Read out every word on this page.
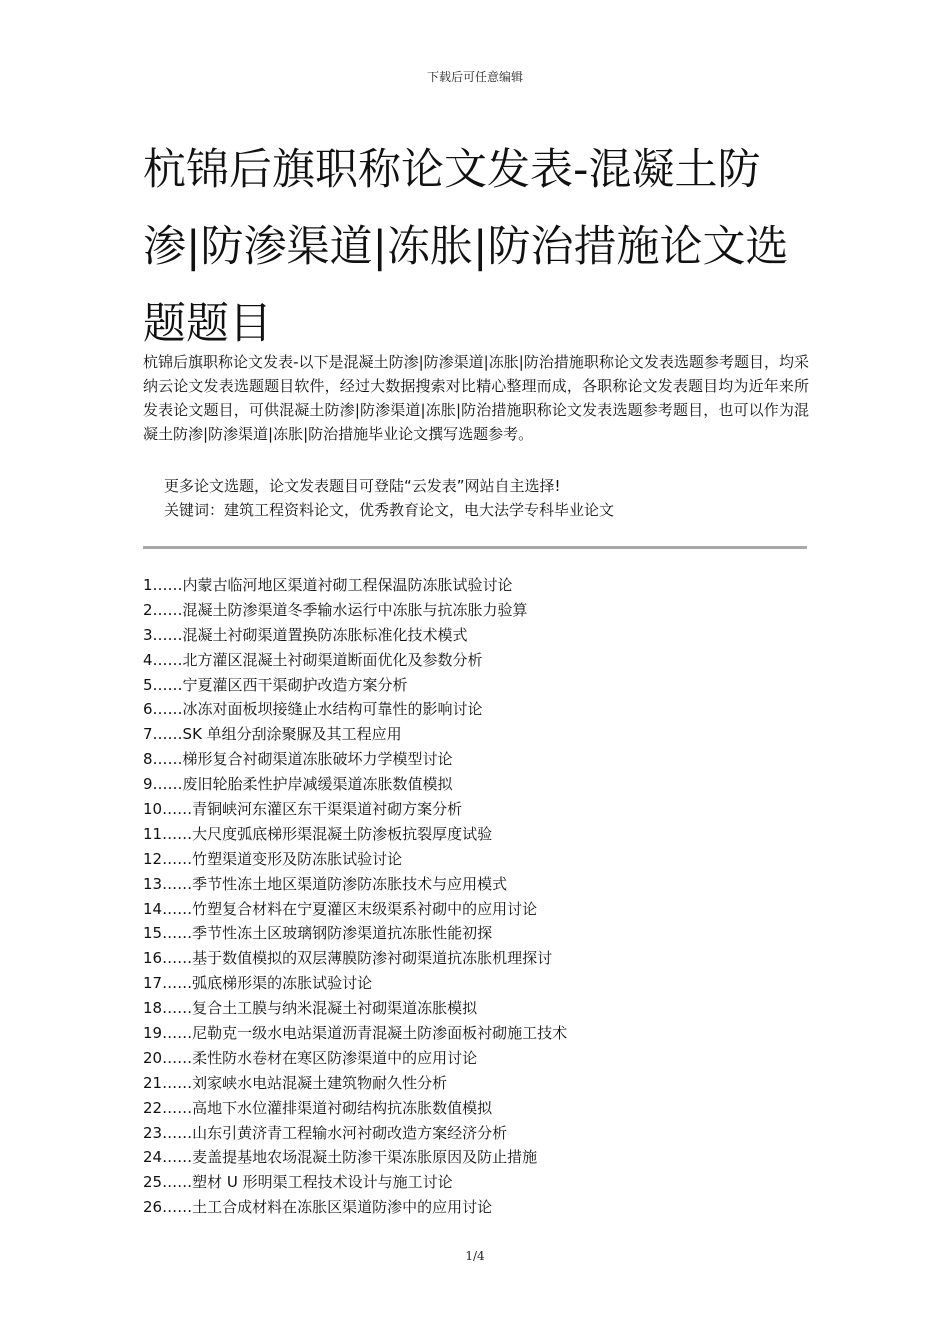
下载后可任意编辑
杭锦后旗职称论文发表-混凝土防渗|防渗渠道|冻胀|防治措施论文选题题目

杭锦后旗职称论文发表-以下是混凝土防渗|防渗渠道|冻胀|防治措施职称论文发表选题参考题目，均采纳云论文发表选题题目软件，经过大数据搜索对比精心整理而成，各职称论文发表题目均为近年来所发表论文题目，可供混凝土防渗|防渗渠道|冻胀|防治措施职称论文发表选题参考题目，也可以作为混凝土防渗|防渗渠道|冻胀|防治措施毕业论文撰写选题参考。

更多论文选题，论文发表题目可登陆“云发表”网站自主选择!
关键词：建筑工程资料论文，优秀教育论文，电大法学专科毕业论文
1……内蒙古临河地区渠道衬砌工程保温防冻胀试验讨论
2……混凝土防渗渠道冬季输水运行中冻胀与抗冻胀力验算
3……混凝土衬砌渠道置换防冻胀标准化技术模式
4……北方灌区混凝土衬砌渠道断面优化及参数分析
5……宁夏灌区西干渠砌护改造方案分析
6……冰冻对面板坝接缝止水结构可靠性的影响讨论
7……SK 单组分刮涂聚脲及其工程应用
8……梯形复合衬砌渠道冻胀破坏力学模型讨论
9……废旧轮胎柔性护岸减缓渠道冻胀数值模拟
10……青铜峡河东灌区东干渠渠道衬砌方案分析
11……大尺度弧底梯形渠混凝土防渗板抗裂厚度试验
12……竹塑渠道变形及防冻胀试验讨论
13……季节性冻土地区渠道防渗防冻胀技术与应用模式
14……竹塑复合材料在宁夏灌区末级渠系衬砌中的应用讨论
15……季节性冻土区玻璃钢防渗渠道抗冻胀性能初探
16……基于数值模拟的双层薄膜防渗衬砌渠道抗冻胀机理探讨
17……弧底梯形渠的冻胀试验讨论
18……复合土工膜与纳米混凝土衬砌渠道冻胀模拟
19……尼勒克一级水电站渠道沥青混凝土防渗面板衬砌施工技术
20……柔性防水卷材在寒区防渗渠道中的应用讨论
21……刘家峡水电站混凝土建筑物耐久性分析
22……高地下水位灌排渠道衬砌结构抗冻胀数值模拟
23……山东引黄济青工程输水河衬砌改造方案经济分析
24……麦盖提基地农场混凝土防渗干渠冻胀原因及防止措施
25……塑材 U 形明渠工程技术设计与施工讨论
26……土工合成材料在冻胀区渠道防渗中的应用讨论
1/4
